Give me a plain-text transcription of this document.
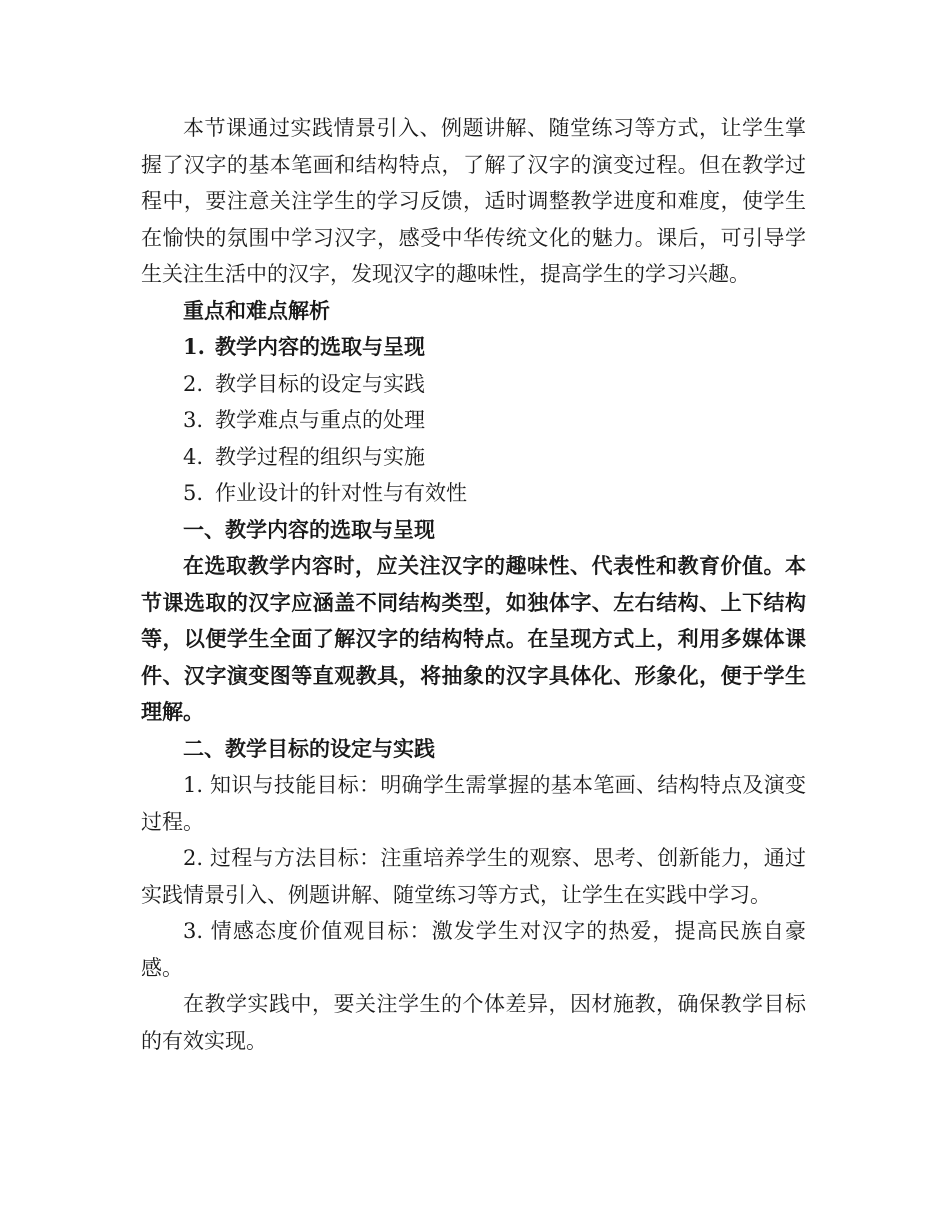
本节课通过实践情景引入、例题讲解、随堂练习等方式，让学生掌握了汉字的基本笔画和结构特点，了解了汉字的演变过程。但在教学过程中，要注意关注学生的学习反馈，适时调整教学进度和难度，使学生在愉快的氛围中学习汉字，感受中华传统文化的魅力。课后，可引导学生关注生活中的汉字，发现汉字的趣味性，提高学生的学习兴趣。

重点和难点解析

1. 教学内容的选取与呈现

2. 教学目标的设定与实践

3. 教学难点与重点的处理

4. 教学过程的组织与实施

5. 作业设计的针对性与有效性

一、教学内容的选取与呈现

在选取教学内容时，应关注汉字的趣味性、代表性和教育价值。本节课选取的汉字应涵盖不同结构类型，如独体字、左右结构、上下结构等，以便学生全面了解汉字的结构特点。在呈现方式上，利用多媒体课件、汉字演变图等直观教具，将抽象的汉字具体化、形象化，便于学生理解。

二、教学目标的设定与实践

1. 知识与技能目标：明确学生需掌握的基本笔画、结构特点及演变过程。

2. 过程与方法目标：注重培养学生的观察、思考、创新能力，通过实践情景引入、例题讲解、随堂练习等方式，让学生在实践中学习。

3. 情感态度价值观目标：激发学生对汉字的热爱，提高民族自豪感。

在教学实践中，要关注学生的个体差异，因材施教，确保教学目标的有效实现。
